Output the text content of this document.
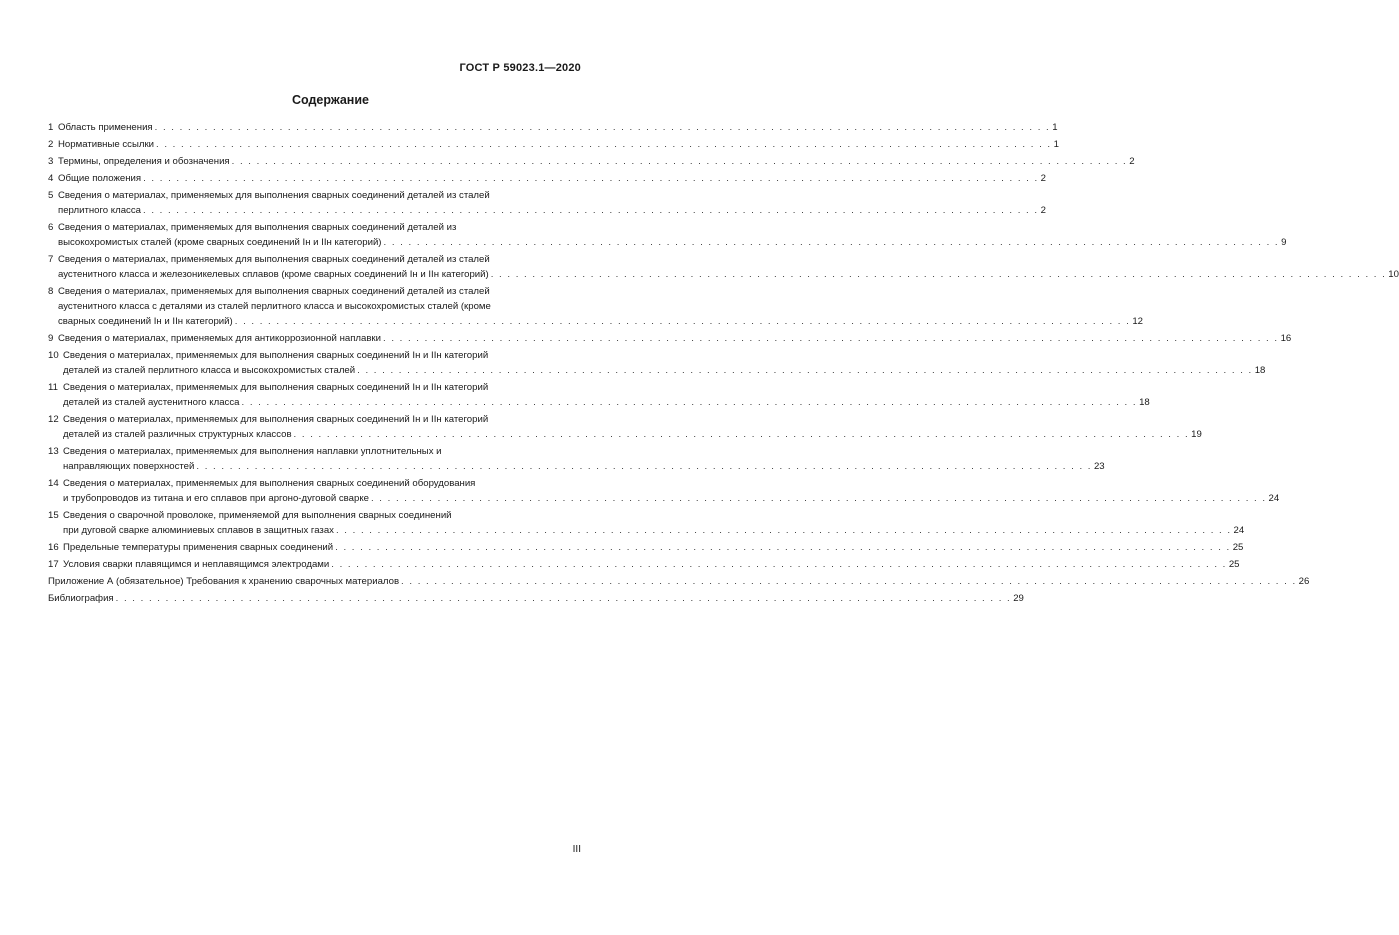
ГОСТ Р 59023.1—2020
Содержание
1 Область применения . . .	1
2 Нормативные ссылки . . .	1
3 Термины, определения и обозначения . . .	2
4 Общие положения . . .	2
5 Сведения о материалах, применяемых для выполнения сварных соединений деталей из сталей
перлитного класса . . .	2
6 Сведения о материалах, применяемых для выполнения сварных соединений деталей из
высокохромистых сталей (кроме сварных соединений Iн и IIн категорий) . . .	9
7 Сведения о материалах, применяемых для выполнения сварных соединений деталей из сталей
аустенитного класса и железоникелевых сплавов (кроме сварных соединений Iн и IIн категорий) . . .	10
8 Сведения о материалах, применяемых для выполнения сварных соединений деталей из сталей
аустенитного класса с деталями из сталей перлитного класса и высокохромистых сталей (кроме
сварных соединений Iн и IIн категорий) . . .	12
9 Сведения о материалах, применяемых для антикоррозионной наплавки . . .	16
10 Сведения о материалах, применяемых для выполнения сварных соединений Iн и IIн категорий
деталей из сталей перлитного класса и высокохромистых сталей . . .	18
11 Сведения о материалах, применяемых для выполнения сварных соединений Iн и IIн категорий
деталей из сталей аустенитного класса . . .	18
12 Сведения о материалах, применяемых для выполнения сварных соединений Iн и IIн категорий
деталей из сталей различных структурных классов . . .	19
13 Сведения о материалах, применяемых для выполнения наплавки уплотнительных и
направляющих поверхностей . . .	23
14 Сведения о материалах, применяемых для выполнения сварных соединений оборудования
и трубопроводов из титана и его сплавов при аргоно-дуговой сварке . . .	24
15 Сведения о сварочной проволоке, применяемой для выполнения сварных соединений
при дуговой сварке алюминиевых сплавов в защитных газах . . .	24
16 Предельные температуры применения сварных соединений . . .	25
17 Условия сварки плавящимся и неплавящимся электродами . . .	25
Приложение А (обязательное) Требования к хранению сварочных материалов . . .	26
Библиография . . .	29
III
